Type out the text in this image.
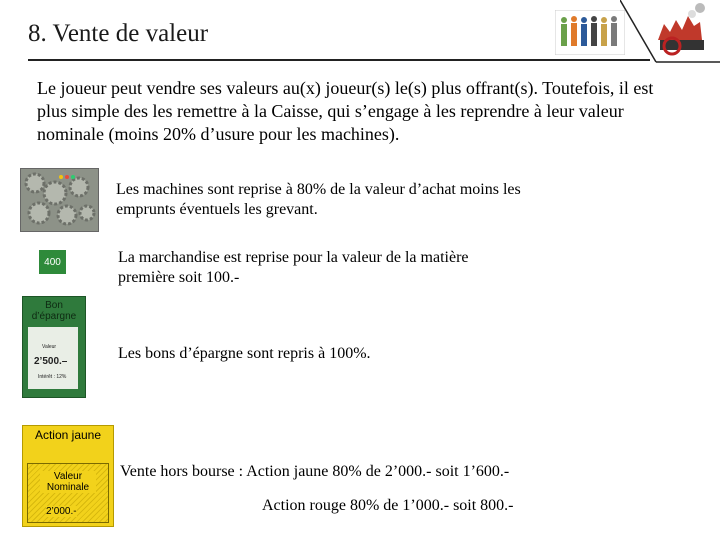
8. Vente de valeur
Le joueur peut vendre ses valeurs au(x) joueur(s) le(s) plus offrant(s). Toutefois, il est plus simple des les remettre à la Caisse, qui s’engage à les reprendre à leur valeur nominale (moins 20% d’usure pour les machines).
Les machines sont reprise à 80% de la valeur d’achat moins les emprunts éventuels les grevant.
400	La marchandise est reprise pour la valeur de la matière première soit 100.-
Bon d’épargne
Valeur
2’500.–
Intérêt : 12%
Les bons d’épargne sont repris à 100%.
Action jaune
Valeur Nominale
2’000.-
Vente hors bourse : Action jaune 80% de 2’000.- soit 1’600.-
Action rouge 80% de 1’000.- soit 800.-
